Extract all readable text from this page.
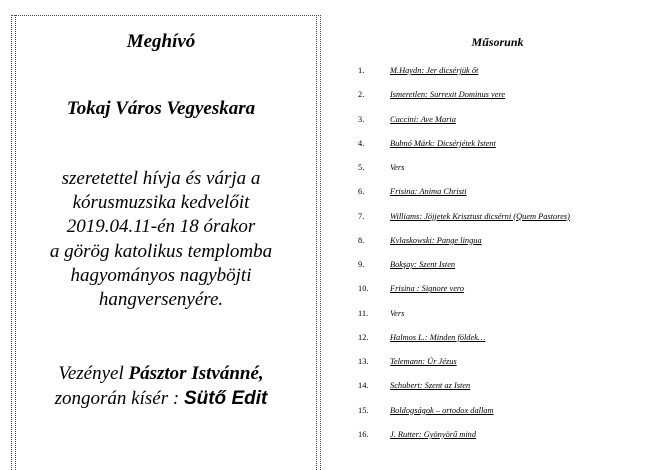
Meghívó
Tokaj Város Vegyeskara
szeretettel hívja és várja a
kórusmuzsika kedvelőit
2019.04.11-én 18 órakor
a görög katolikus templomba
hagyományos nagyböjti
hangversenyére.
Vezényel Pásztor Istvánné,
zongorán kísér : Sütő Edit
Műsorunk
1.	M.Haydn: Jer dicsérjük őt
2.	Ismeretlen: Surrexit Dominus vere
3.	Caccini: Ave Maria
4.	Bubnó Márk: Dicsérjétek Istent
5.	Vers
6.	Frisina: Anima Christi
7.	Williams: Jöjjetek Krisztust dicsérni (Quem Pastores)
8.	Kvlaskowski: Pange lingua
9.	Bokşay: Szent Isten
10.	Frisina : Signore vero
11.	Vers
12.	Halmos L.: Minden földek…
13.	Telemann: Úr Jézus
14.	Schubert: Szent az Isten
15.	Boldogságok – ortodox dallam
16.	J. Rutter: Gyönyörű mind
